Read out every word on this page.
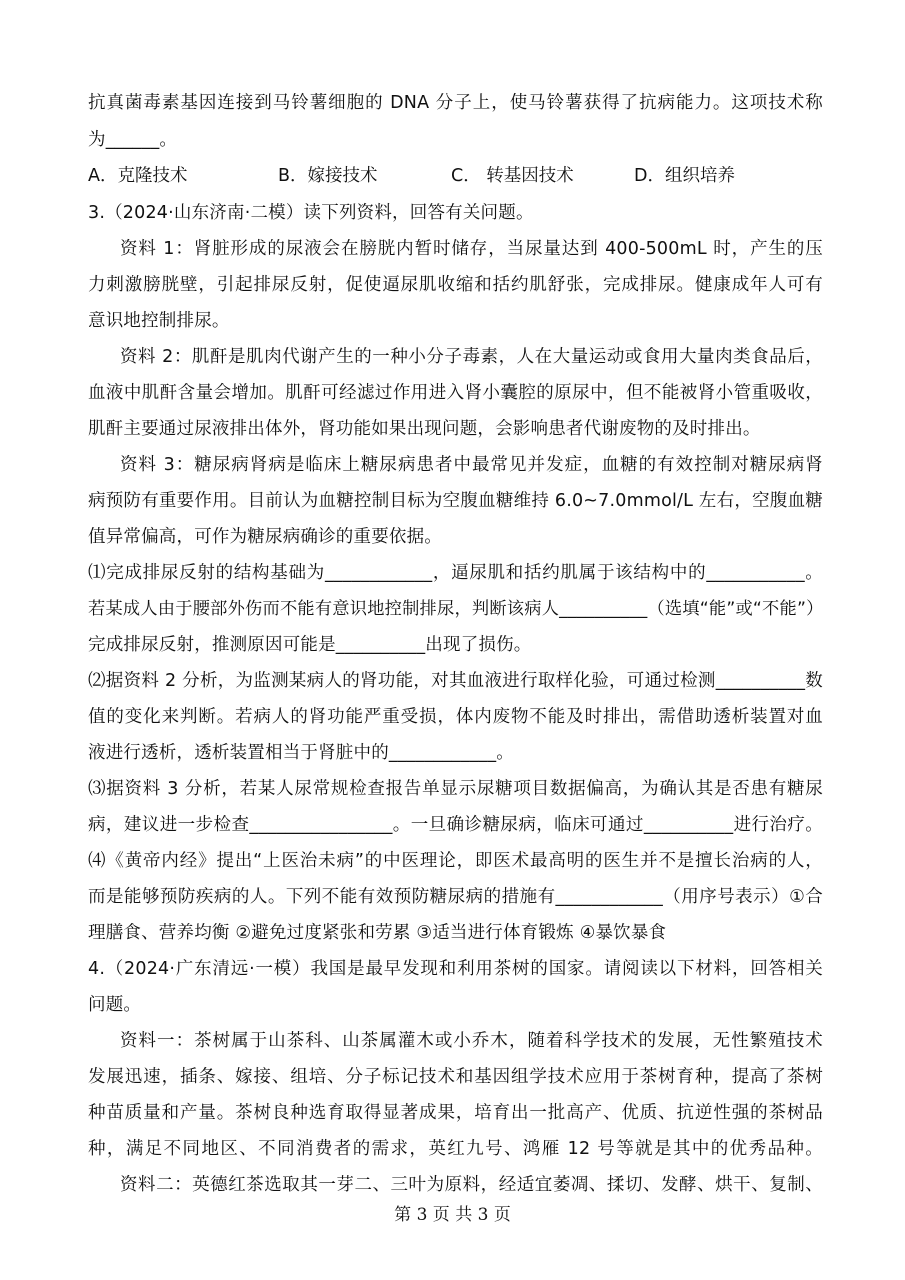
抗真菌毒素基因连接到马铃薯细胞的 DNA 分子上，使马铃薯获得了抗病能力。这项技术称
为______。
A．克隆技术	B．嫁接技术	C． 转基因技术	D．组织培养
3.（2024·山东济南·二模）读下列资料，回答有关问题。
资料 1：肾脏形成的尿液会在膀胱内暂时储存，当尿量达到 400-500mL 时，产生的压
力刺激膀胱壁，引起排尿反射，促使逼尿肌收缩和括约肌舒张，完成排尿。健康成年人可有
意识地控制排尿。
资料 2：肌酐是肌肉代谢产生的一种小分子毒素，人在大量运动或食用大量肉类食品后，
血液中肌酐含量会增加。肌酐可经滤过作用进入肾小囊腔的原尿中，但不能被肾小管重吸收，
肌酐主要通过尿液排出体外，肾功能如果出现问题，会影响患者代谢废物的及时排出。
资料 3：糖尿病肾病是临床上糖尿病患者中最常见并发症，血糖的有效控制对糖尿病肾
病预防有重要作用。目前认为血糖控制目标为空腹血糖维持 6.0~7.0mmol/L 左右，空腹血糖
值异常偏高，可作为糖尿病确诊的重要依据。
⑴完成排尿反射的结构基础为____________，逼尿肌和括约肌属于该结构中的___________。
若某成人由于腰部外伤而不能有意识地控制排尿，判断该病人__________（选填“能”或“不能”）
完成排尿反射，推测原因可能是__________出现了损伤。
⑵据资料 2 分析，为监测某病人的肾功能，对其血液进行取样化验，可通过检测__________数
值的变化来判断。若病人的肾功能严重受损，体内废物不能及时排出，需借助透析装置对血
液进行透析，透析装置相当于肾脏中的____________。
⑶据资料 3 分析，若某人尿常规检查报告单显示尿糖项目数据偏高，为确认其是否患有糖尿
病，建议进一步检查________________。一旦确诊糖尿病，临床可通过__________进行治疗。
⑷《黄帝内经》提出“上医治未病”的中医理论，即医术最高明的医生并不是擅长治病的人，
而是能够预防疾病的人。下列不能有效预防糖尿病的措施有____________（用序号表示）①合
理膳食、营养均衡 ②避免过度紧张和劳累 ③适当进行体育锻炼 ④暴饮暴食
4.（2024·广东清远·一模）我国是最早发现和利用茶树的国家。请阅读以下材料，回答相关
问题。
资料一：茶树属于山茶科、山茶属灌木或小乔木，随着科学技术的发展，无性繁殖技术
发展迅速，插条、嫁接、组培、分子标记技术和基因组学技术应用于茶树育种，提高了茶树
种苗质量和产量。茶树良种选育取得显著成果，培育出一批高产、优质、抗逆性强的茶树品
种，满足不同地区、不同消费者的需求，英红九号、鸿雁 12 号等就是其中的优秀品种。
资料二：英德红茶选取其一芽二、三叶为原料，经适宜萎凋、揉切、发酵、烘干、复制、
第 3 页 共 3 页
